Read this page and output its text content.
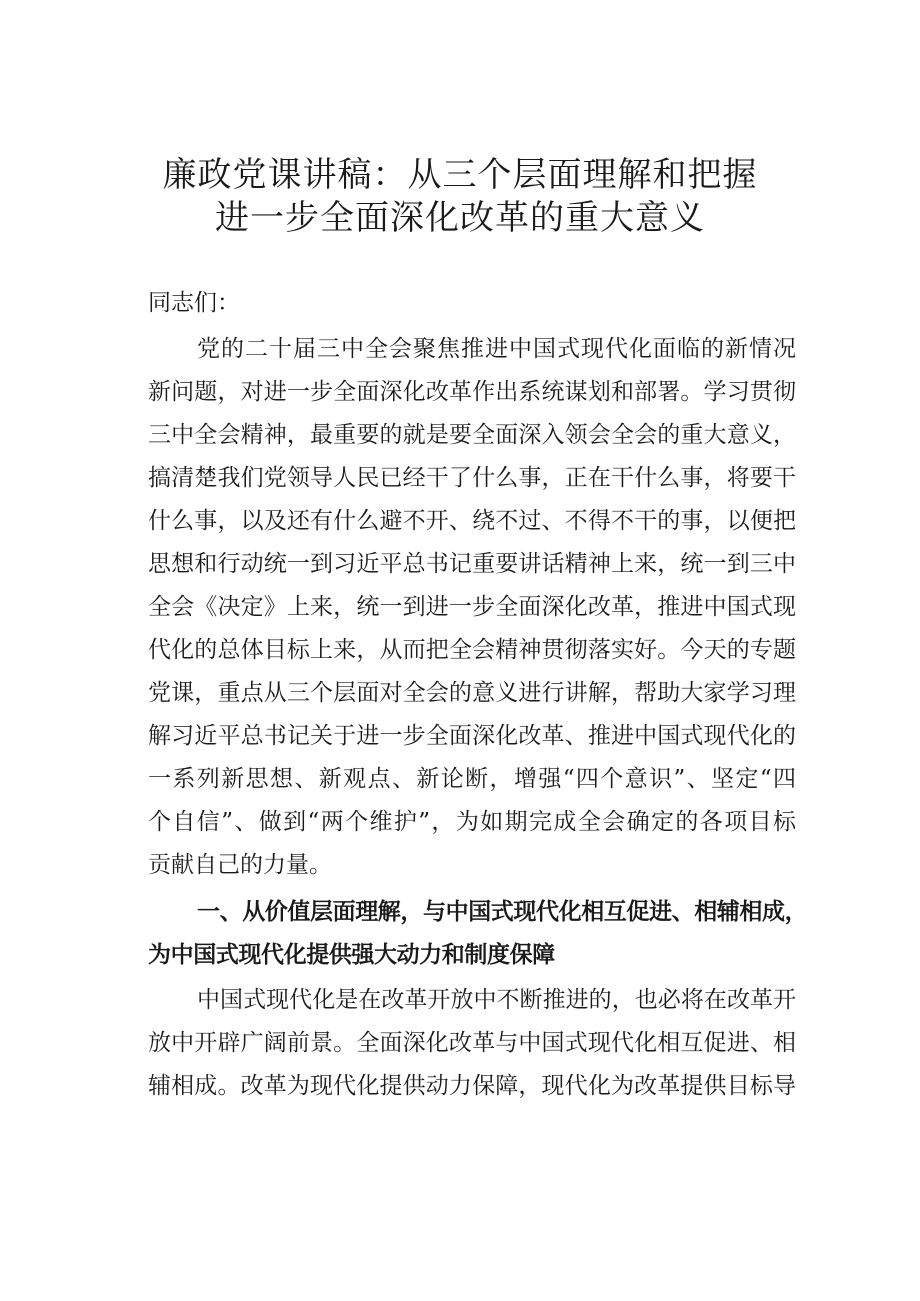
廉政党课讲稿：从三个层面理解和把握
进一步全面深化改革的重大意义
同志们：
党的二十届三中全会聚焦推进中国式现代化面临的新情况
新问题，对进一步全面深化改革作出系统谋划和部署。学习贯彻
三中全会精神，最重要的就是要全面深入领会全会的重大意义，
搞清楚我们党领导人民已经干了什么事，正在干什么事，将要干
什么事，以及还有什么避不开、绕不过、不得不干的事，以便把
思想和行动统一到习近平总书记重要讲话精神上来，统一到三中
全会《决定》上来，统一到进一步全面深化改革，推进中国式现
代化的总体目标上来，从而把全会精神贯彻落实好。今天的专题
党课，重点从三个层面对全会的意义进行讲解，帮助大家学习理
解习近平总书记关于进一步全面深化改革、推进中国式现代化的
一系列新思想、新观点、新论断，增强“四个意识”、坚定“四
个自信”、做到“两个维护”，为如期完成全会确定的各项目标
贡献自己的力量。
一、从价值层面理解，与中国式现代化相互促进、相辅相成，
为中国式现代化提供强大动力和制度保障
中国式现代化是在改革开放中不断推进的，也必将在改革开
放中开辟广阔前景。全面深化改革与中国式现代化相互促进、相
辅相成。改革为现代化提供动力保障，现代化为改革提供目标导
